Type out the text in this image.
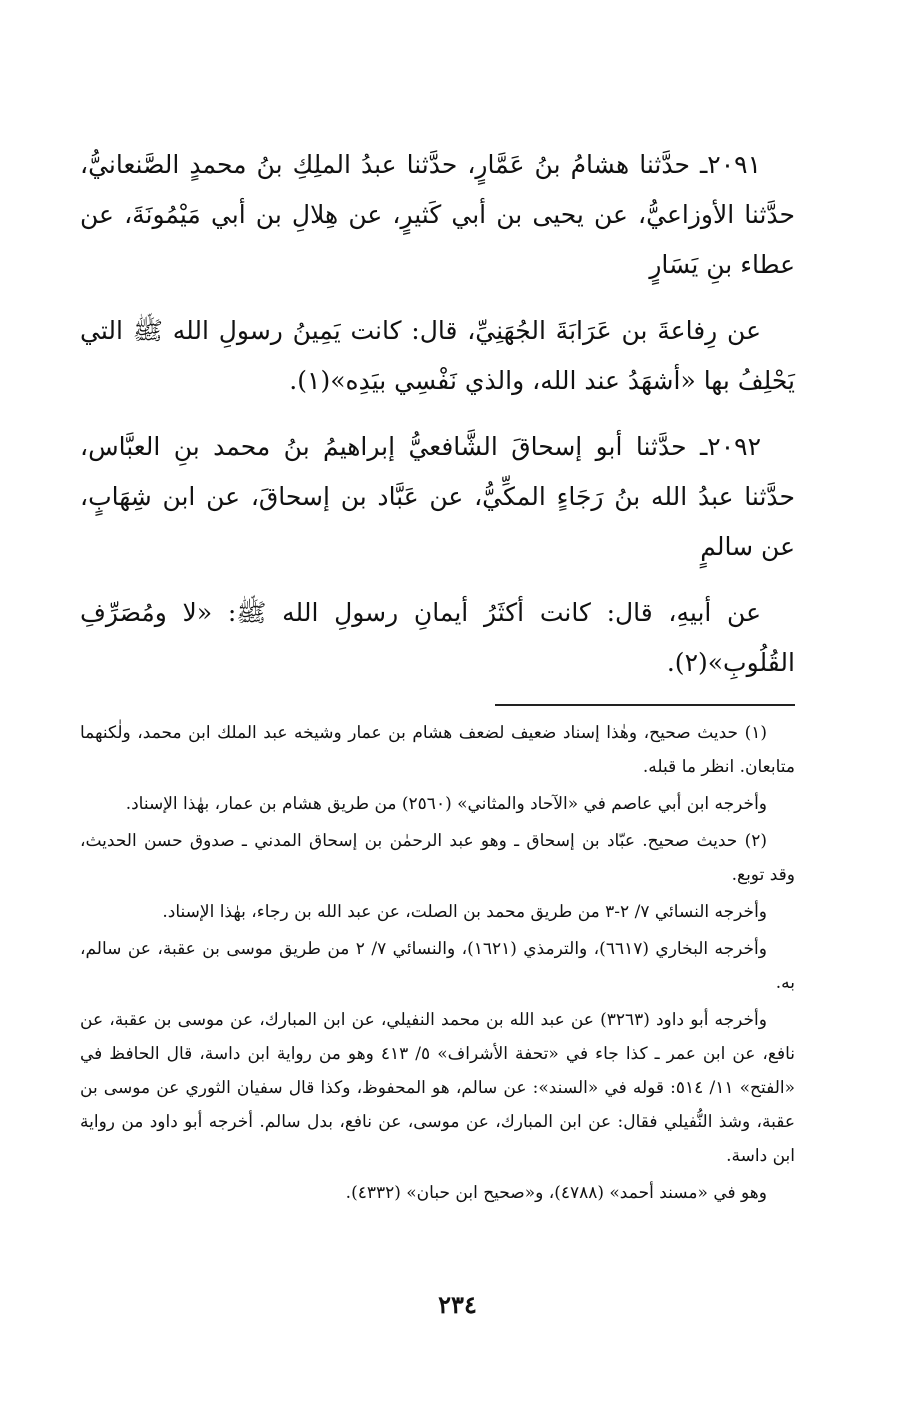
٢٠٩١ـ حدَّثنا هشامُ بنُ عَمَّارٍ، حدَّثنا عبدُ الملِكِ بنُ محمدٍ الصَّنعانيُّ، حدَّثنا الأوزاعيُّ، عن يحيى بن أبي كَثيرٍ، عن هِلالِ بن أبي مَيْمُونَةَ، عن عطاء بنِ يَسَارٍ

عن رِفاعةَ بن عَرَابَةَ الجُهَنِيِّ، قال: كانت يَمِينُ رسولِ الله ﷺ التي يَحْلِفُ بها «أشهَدُ عند الله، والذي نَفْسِي بيَدِه»(١).

٢٠٩٢ـ حدَّثنا أبو إسحاقَ الشَّافعيُّ إبراهيمُ بنُ محمد بنِ العبَّاس، حدَّثنا عبدُ الله بنُ رَجَاءٍ المكِّيُّ، عن عَبَّاد بن إسحاقَ، عن ابن شِهَابٍ، عن سالمٍ

عن أبيهِ، قال: كانت أكثَرُ أيمانِ رسولِ الله ﷺ: «لا ومُصَرِّفِ القُلُوبِ»(٢).

(١) حديث صحيح، وهٰذا إسناد ضعيف لضعف هشام بن عمار وشيخه عبد الملك ابن محمد، ولٰكنهما متابعان. انظر ما قبله.

وأخرجه ابن أبي عاصم في «الآحاد والمثاني» (٢٥٦٠) من طريق هشام بن عمار، بهٰذا الإسناد.

(٢) حديث صحيح. عبّاد بن إسحاق ـ وهو عبد الرحمٰن بن إسحاق المدني ـ صدوق حسن الحديث، وقد توبع.

وأخرجه النسائي ٧/ ٢-٣ من طريق محمد بن الصلت، عن عبد الله بن رجاء، بهٰذا الإسناد.

وأخرجه البخاري (٦٦١٧)، والترمذي (١٦٢١)، والنسائي ٧/ ٢ من طريق موسى بن عقبة، عن سالم، به.

وأخرجه أبو داود (٣٢٦٣) عن عبد الله بن محمد النفيلي، عن ابن المبارك، عن موسى بن عقبة، عن نافع، عن ابن عمر ـ كذا جاء في «تحفة الأشراف» ٥/ ٤١٣ وهو من رواية ابن داسة، قال الحافظ في «الفتح» ١١/ ٥١٤: قوله في «السند»: عن سالم، هو المحفوظ، وكذا قال سفيان الثوري عن موسى بن عقبة، وشذ النُّفيلي فقال: عن ابن المبارك، عن موسى، عن نافع، بدل سالم. أخرجه أبو داود من رواية ابن داسة.

وهو في «مسند أحمد» (٤٧٨٨)، و«صحيح ابن حبان» (٤٣٣٢).

٢٣٤
